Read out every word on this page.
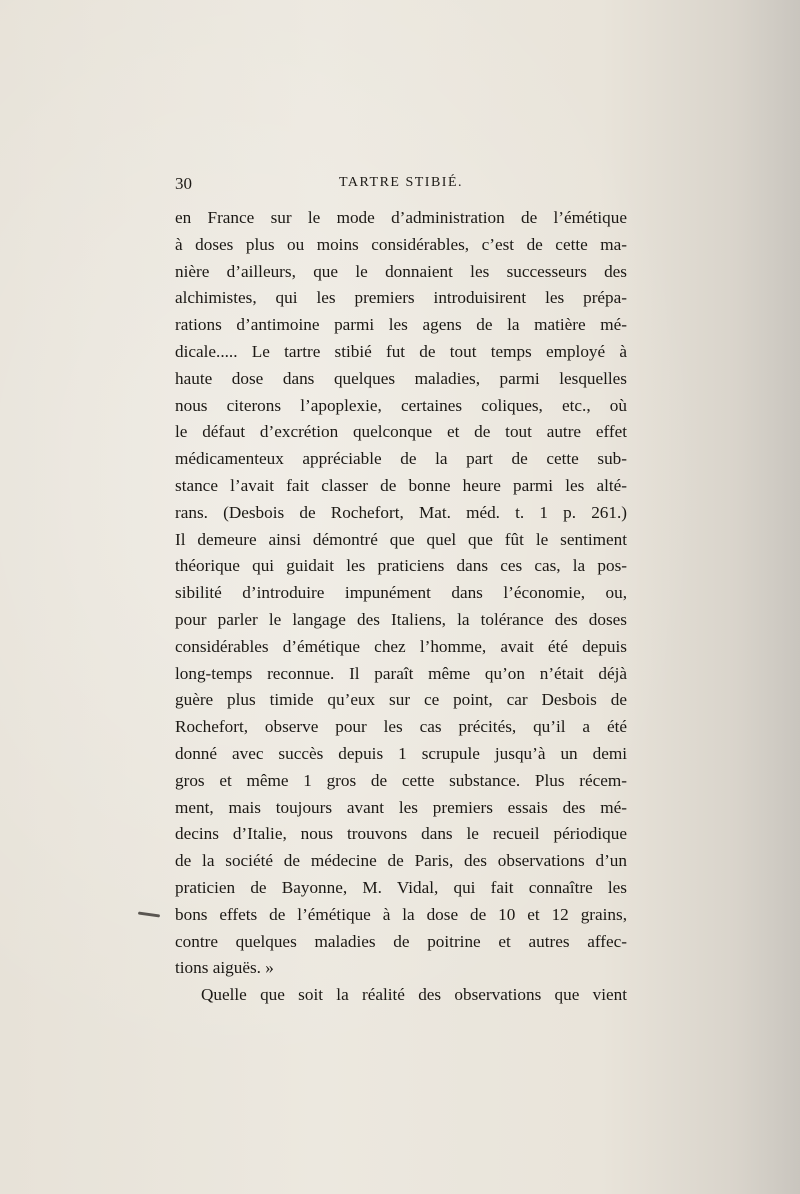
30	TARTRE STIBIÉ.
en France sur le mode d’administration de l’émétique
à doses plus ou moins considérables, c’est de cette ma-
nière d’ailleurs, que le donnaient les successeurs des
alchimistes, qui les premiers introduisirent les prépa-
rations d’antimoine parmi les agens de la matière mé-
dicale..... Le tartre stibié fut de tout temps employé à
haute dose dans quelques maladies, parmi lesquelles
nous citerons l’apoplexie, certaines coliques, etc., où
le défaut d’excrétion quelconque et de tout autre effet
médicamenteux appréciable de la part de cette sub-
stance l’avait fait classer de bonne heure parmi les alté-
rans. (Desbois de Rochefort, Mat. méd. t. 1 p. 261.)
Il demeure ainsi démontré que quel que fût le sentiment
théorique qui guidait les praticiens dans ces cas, la pos-
sibilité d’introduire impunément dans l’économie, ou,
pour parler le langage des Italiens, la tolérance des doses
considérables d’émétique chez l’homme, avait été depuis
long-temps reconnue. Il paraît même qu’on n’était déjà
guère plus timide qu’eux sur ce point, car Desbois de
Rochefort, observe pour les cas précités, qu’il a été
donné avec succès depuis 1 scrupule jusqu’à un demi
gros et même 1 gros de cette substance. Plus récem-
ment, mais toujours avant les premiers essais des mé-
decins d’Italie, nous trouvons dans le recueil périodique
de la société de médecine de Paris, des observations d’un
praticien de Bayonne, M. Vidal, qui fait connaître les
bons effets de l’émétique à la dose de 10 et 12 grains,
contre quelques maladies de poitrine et autres affec-
tions aiguës. »
Quelle que soit la réalité des observations que vient
